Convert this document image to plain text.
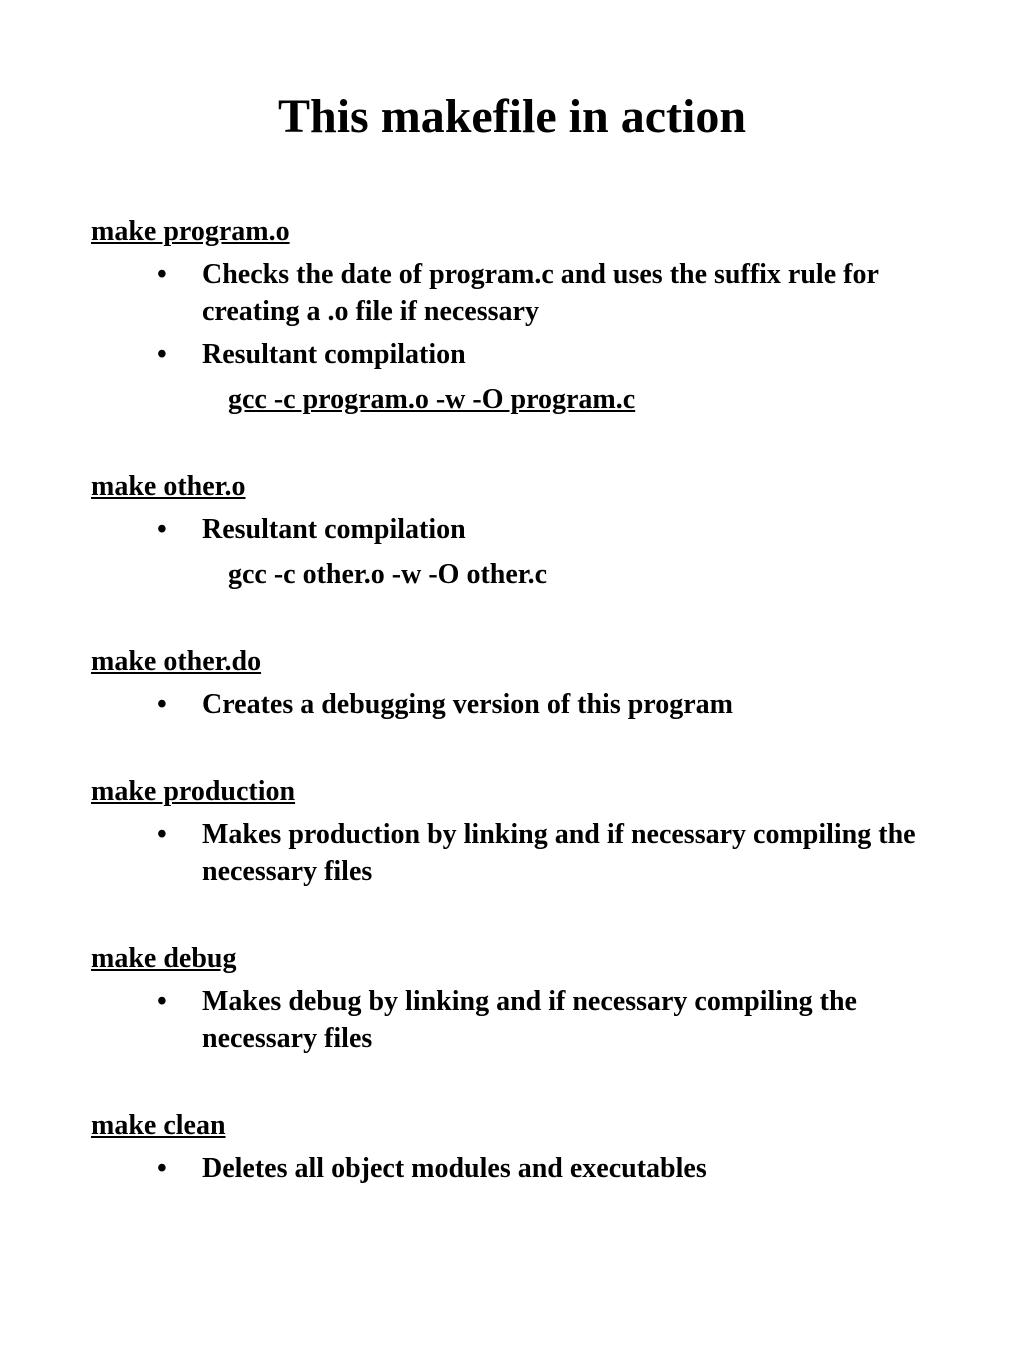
This makefile in action
make program.o
• Checks the date of program.c and uses the suffix rule for creating a .o file if necessary
• Resultant compilation
gcc -c program.o -w -O program.c
make other.o
• Resultant compilation
gcc -c other.o -w -O other.c
make other.do
• Creates a debugging version of this program
make production
• Makes production by linking and if necessary compiling the necessary files
make debug
• Makes debug by linking and if necessary compiling the necessary files
make clean
• Deletes all object modules and executables
